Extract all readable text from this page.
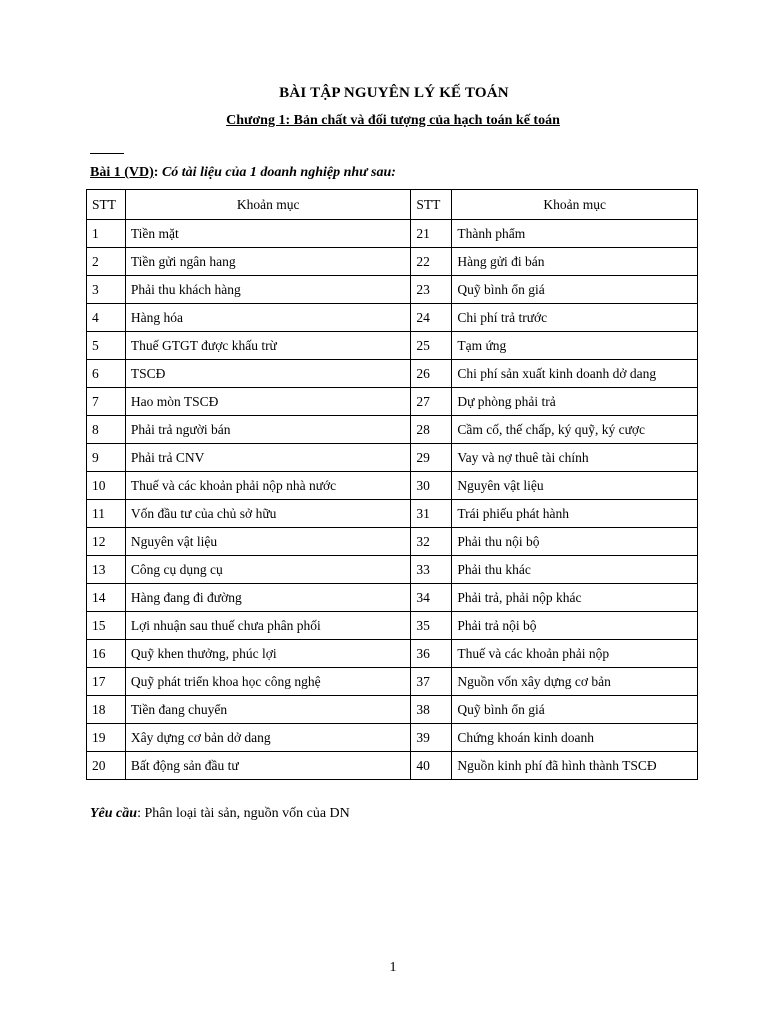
BÀI TẬP NGUYÊN LÝ KẾ TOÁN
Chương 1: Bản chất và đối tượng của hạch toán kế toán
Bài 1 (VD): Có tài liệu của 1 doanh nghiệp như sau:
STT	Khoản mục	STT	Khoản mục
1	Tiền mặt	21	Thành phẩm
2	Tiền gửi ngân hang	22	Hàng gửi đi bán
3	Phải thu khách hàng	23	Quỹ bình ổn giá
4	Hàng hóa	24	Chi phí trả trước
5	Thuế GTGT được khấu trừ	25	Tạm ứng
6	TSCĐ	26	Chi phí sản xuất kinh doanh dở dang
7	Hao mòn TSCĐ	27	Dự phòng phải trả
8	Phải trả người bán	28	Cầm cố, thế chấp, ký quỹ, ký cược
9	Phải trả CNV	29	Vay và nợ thuê tài chính
10	Thuế và các khoản phải nộp nhà nước	30	Nguyên vật liệu
11	Vốn đầu tư của chủ sở hữu	31	Trái phiếu phát hành
12	Nguyên vật liệu	32	Phải thu nội bộ
13	Công cụ dụng cụ	33	Phải thu khác
14	Hàng đang đi đường	34	Phải trả, phải nộp khác
15	Lợi nhuận sau thuế chưa phân phối	35	Phải trả nội bộ
16	Quỹ khen thưởng, phúc lợi	36	Thuế và các khoản phải nộp
17	Quỹ phát triển khoa học công nghệ	37	Nguồn vốn xây dựng cơ bản
18	Tiền đang chuyển	38	Quỹ bình ổn giá
19	Xây dựng cơ bản dở dang	39	Chứng khoán kinh doanh
20	Bất động sản đầu tư	40	Nguồn kinh phí đã hình thành TSCĐ
Yêu cầu: Phân loại tài sản, nguồn vốn của DN
1
